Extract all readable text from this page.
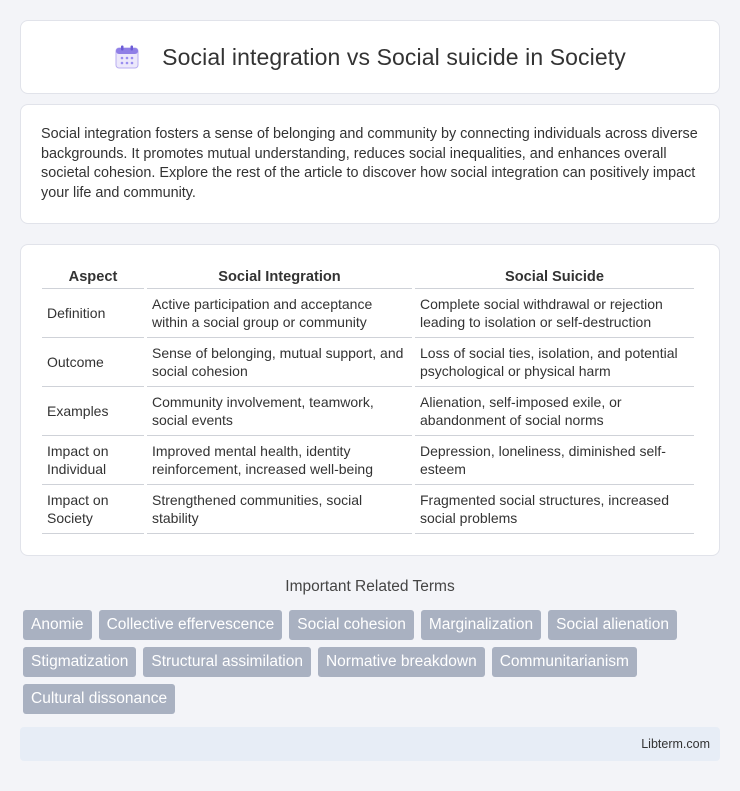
Social integration vs Social suicide in Society

Social integration fosters a sense of belonging and community by connecting individuals across diverse backgrounds. It promotes mutual understanding, reduces social inequalities, and enhances overall societal cohesion. Explore the rest of the article to discover how social integration can positively impact your life and community.

Aspect	Social Integration	Social Suicide
Definition	Active participation and acceptance within a social group or community	Complete social withdrawal or rejection leading to isolation or self-destruction
Outcome	Sense of belonging, mutual support, and social cohesion	Loss of social ties, isolation, and potential psychological or physical harm
Examples	Community involvement, teamwork, social events	Alienation, self-imposed exile, or abandonment of social norms
Impact on Individual	Improved mental health, identity reinforcement, increased well-being	Depression, loneliness, diminished self-esteem
Impact on Society	Strengthened communities, social stability	Fragmented social structures, increased social problems
Important Related Terms
Anomie	Collective effervescence	Social cohesion	Marginalization	Social alienation
Stigmatization	Structural assimilation	Normative breakdown	Communitarianism
Cultural dissonance
Libterm.com
